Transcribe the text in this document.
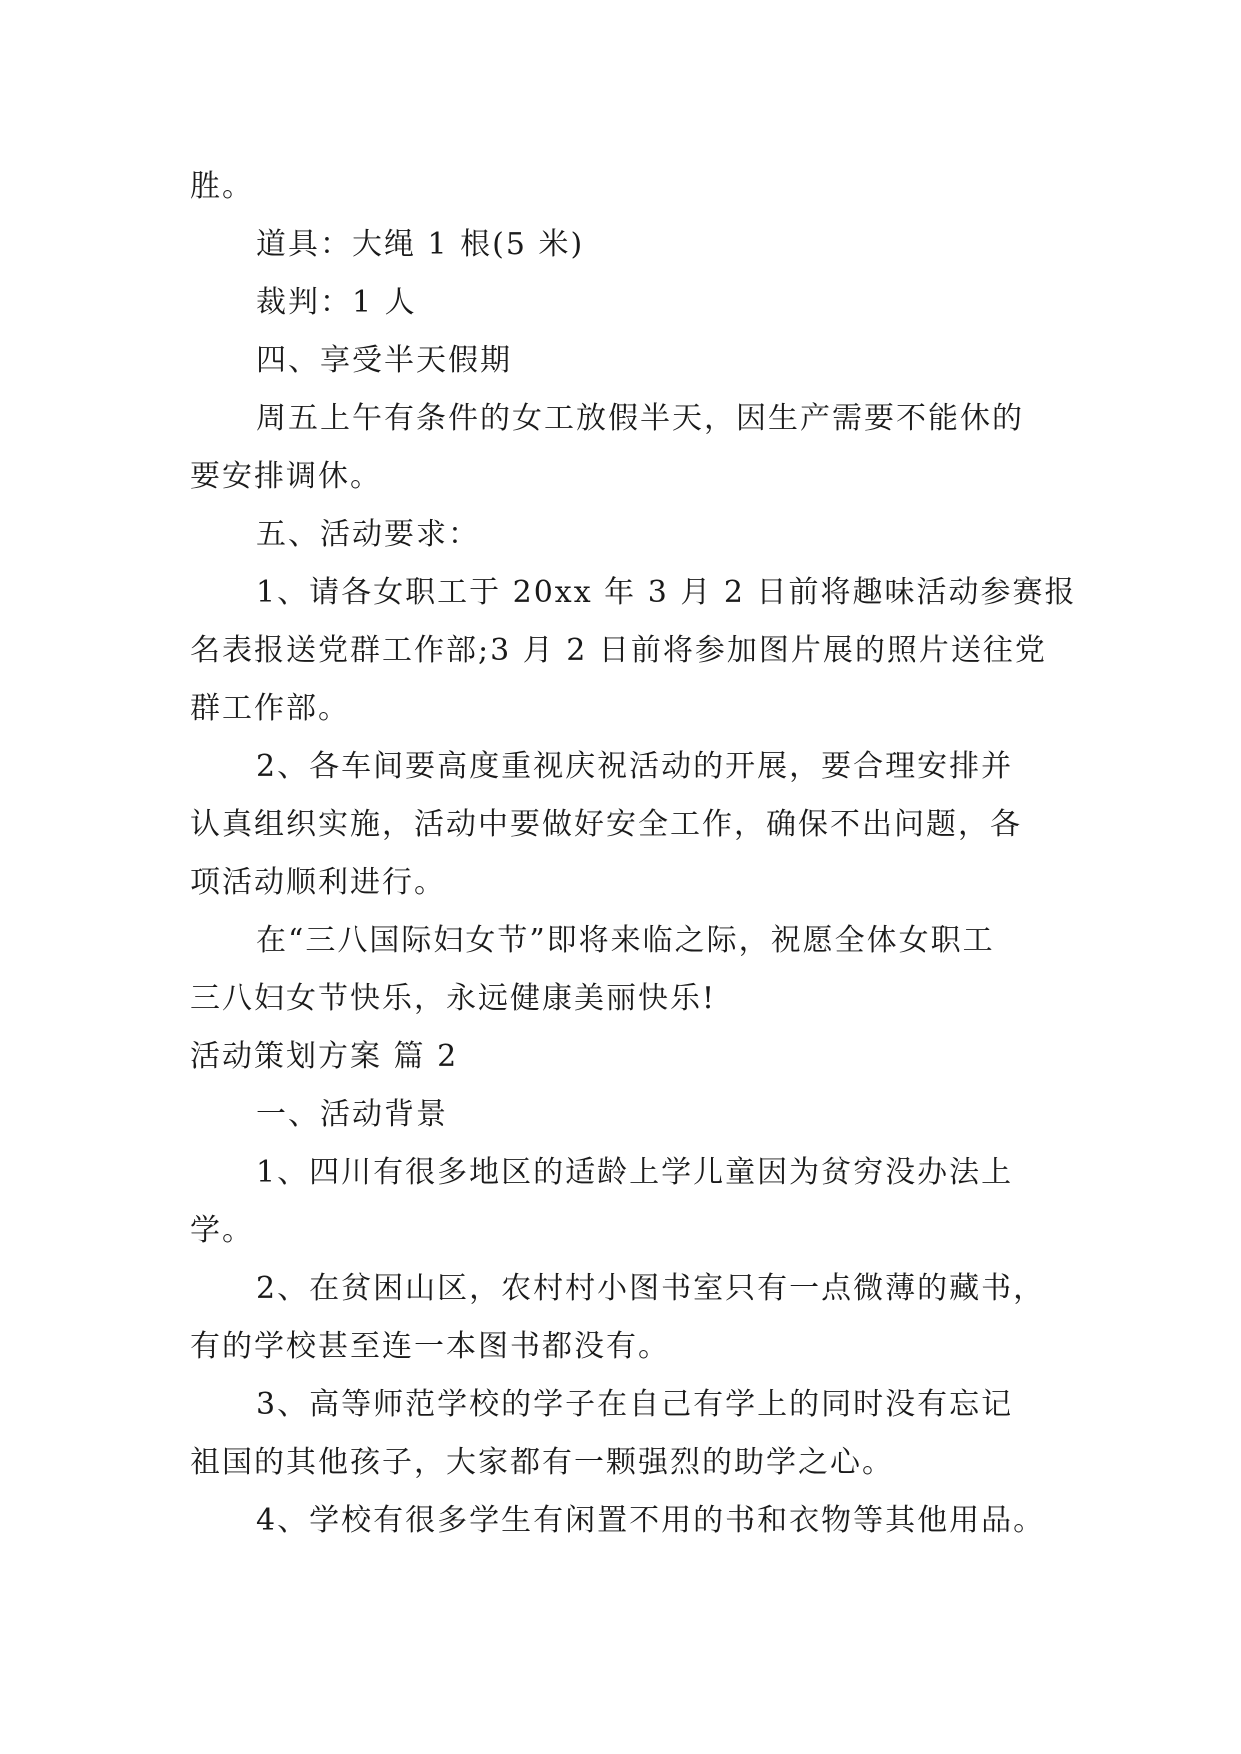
胜。
道具：大绳 1 根(5 米)
裁判：1 人
四、享受半天假期
周五上午有条件的女工放假半天，因生产需要不能休的
要安排调休。
五、活动要求：
1、请各女职工于 20xx 年 3 月 2 日前将趣味活动参赛报
名表报送党群工作部;3 月 2 日前将参加图片展的照片送往党
群工作部。
2、各车间要高度重视庆祝活动的开展，要合理安排并
认真组织实施，活动中要做好安全工作，确保不出问题，各
项活动顺利进行。
在“三八国际妇女节”即将来临之际，祝愿全体女职工
三八妇女节快乐，永远健康美丽快乐!
活动策划方案 篇 2
一、活动背景
1、四川有很多地区的适龄上学儿童因为贫穷没办法上
学。
2、在贫困山区，农村村小图书室只有一点微薄的藏书，
有的学校甚至连一本图书都没有。
3、高等师范学校的学子在自己有学上的同时没有忘记
祖国的其他孩子，大家都有一颗强烈的助学之心。
4、学校有很多学生有闲置不用的书和衣物等其他用品。
